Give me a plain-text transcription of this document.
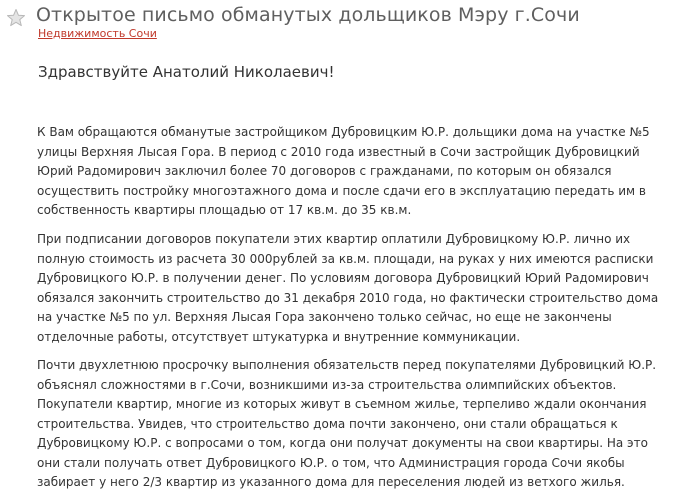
Открытое письмо обманутых дольщиков Мэру г.Сочи
Недвижимость Сочи

Здравствуйте Анатолий Николаевич!

К Вам обращаются обманутые застройщиком Дубровицким Ю.Р. дольщики дома на участке №5 улицы Верхняя Лысая Гора. В период с 2010 года известный в Сочи застройщик Дубровицкий Юрий Радомирович заключил более 70 договоров с гражданами, по которым он обязался осуществить постройку многоэтажного дома и после сдачи его в эксплуатацию передать им в собственность квартиры площадью от 17 кв.м. до 35 кв.м.

При подписании договоров покупатели этих квартир оплатили Дубровицкому Ю.Р. лично их полную стоимость из расчета 30 000рублей за кв.м. площади, на руках у них имеются расписки Дубровицкого Ю.Р. в получении денег. По условиям договора Дубровицкий Юрий Радомирович обязался закончить строительство до 31 декабря 2010 года, но фактически строительство дома на участке №5 по ул. Верхняя Лысая Гора закончено только сейчас, но еще не закончены отделочные работы, отсутствует штукатурка и внутренние коммуникации.

Почти двухлетнюю просрочку выполнения обязательств перед покупателями Дубровицкий Ю.Р. объяснял сложностями в г.Сочи, возникшими из-за строительства олимпийских объектов. Покупатели квартир, многие из которых живут в съемном жилье, терпеливо ждали окончания строительства. Увидев, что строительство дома почти закончено, они стали обращаться к Дубровицкому Ю.Р. с вопросами о том, когда они получат документы на свои квартиры. На это они стали получать ответ Дубровицкого Ю.Р. о том, что Администрация города Сочи якобы забирает у него 2/3 квартир из указанного дома для переселения людей из ветхого жилья.
